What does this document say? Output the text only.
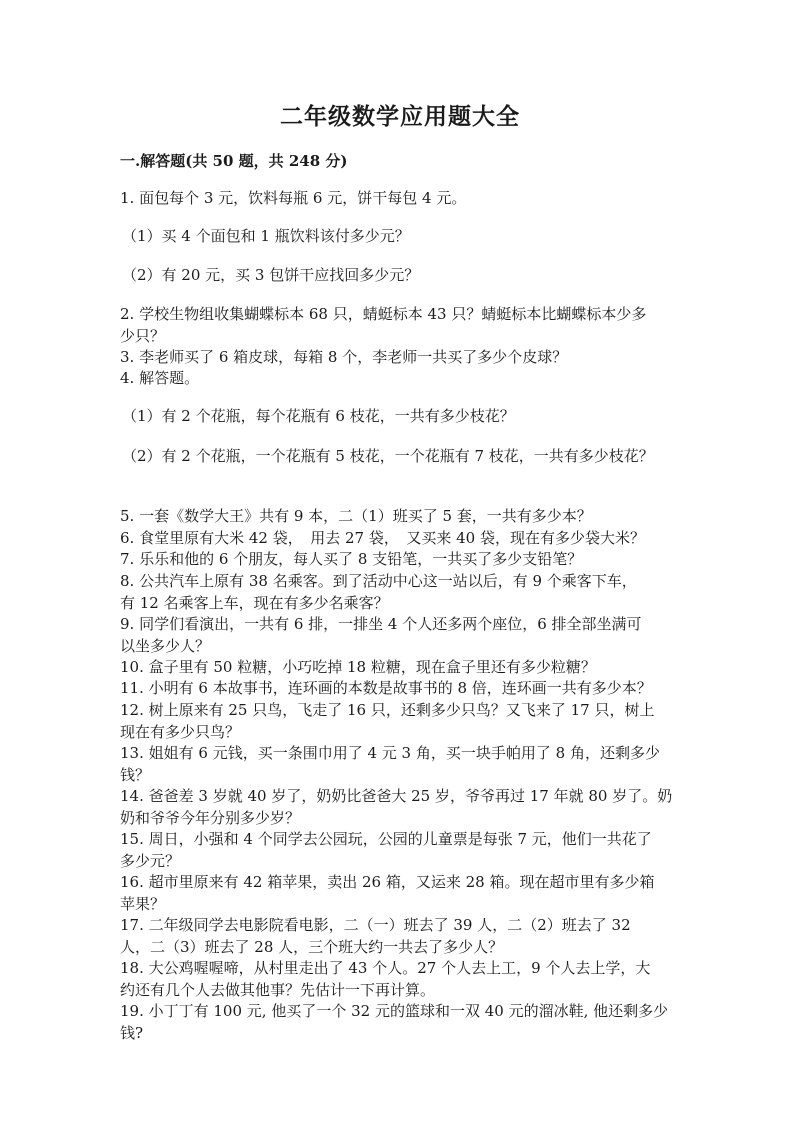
二年级数学应用题大全
一.解答题(共 50 题，共 248 分)
1. 面包每个 3 元，饮料每瓶 6 元，饼干每包 4 元。
（1）买 4 个面包和 1 瓶饮料该付多少元？
（2）有 20 元，买 3 包饼干应找回多少元？
2. 学校生物组收集蝴蝶标本 68 只，蜻蜓标本 43 只？蜻蜓标本比蝴蝶标本少多
少只？
3. 李老师买了 6 箱皮球，每箱 8 个，李老师一共买了多少个皮球？
4. 解答题。
（1）有 2 个花瓶，每个花瓶有 6 枝花，一共有多少枝花？
（2）有 2 个花瓶，一个花瓶有 5 枝花，一个花瓶有 7 枝花，一共有多少枝花？
5. 一套《数学大王》共有 9 本，二（1）班买了 5 套，一共有多少本？
6. 食堂里原有大米 42 袋，　用去 27 袋，　又买来 40 袋，现在有多少袋大米？
7. 乐乐和他的 6 个朋友，每人买了 8 支铅笔，一共买了多少支铅笔？
8. 公共汽车上原有 38 名乘客。到了活动中心这一站以后，有 9 个乘客下车，
有 12 名乘客上车，现在有多少名乘客？
9. 同学们看演出，一共有 6 排，一排坐 4 个人还多两个座位，6 排全部坐满可
以坐多少人？
10. 盒子里有 50 粒糖，小巧吃掉 18 粒糖，现在盒子里还有多少粒糖？
11. 小明有 6 本故事书，连环画的本数是故事书的 8 倍，连环画一共有多少本？
12. 树上原来有 25 只鸟，飞走了 16 只，还剩多少只鸟？又飞来了 17 只，树上
现在有多少只鸟？
13. 姐姐有 6 元钱，买一条围巾用了 4 元 3 角，买一块手帕用了 8 角，还剩多少
钱？
14. 爸爸差 3 岁就 40 岁了，奶奶比爸爸大 25 岁，爷爷再过 17 年就 80 岁了。奶
奶和爷爷今年分别多少岁？
15. 周日，小强和 4 个同学去公园玩，公园的儿童票是每张 7 元，他们一共花了
多少元？
16. 超市里原来有 42 箱苹果，卖出 26 箱，又运来 28 箱。现在超市里有多少箱
苹果？
17. 二年级同学去电影院看电影，二（一）班去了 39 人，二（2）班去了 32
人，二（3）班去了 28 人，三个班大约一共去了多少人？
18. 大公鸡喔喔啼，从村里走出了 43 个人。27 个人去上工，9 个人去上学，大
约还有几个人去做其他事？先估计一下再计算。
19. 小丁丁有 100 元, 他买了一个 32 元的篮球和一双 40 元的溜冰鞋, 他还剩多少
钱?
